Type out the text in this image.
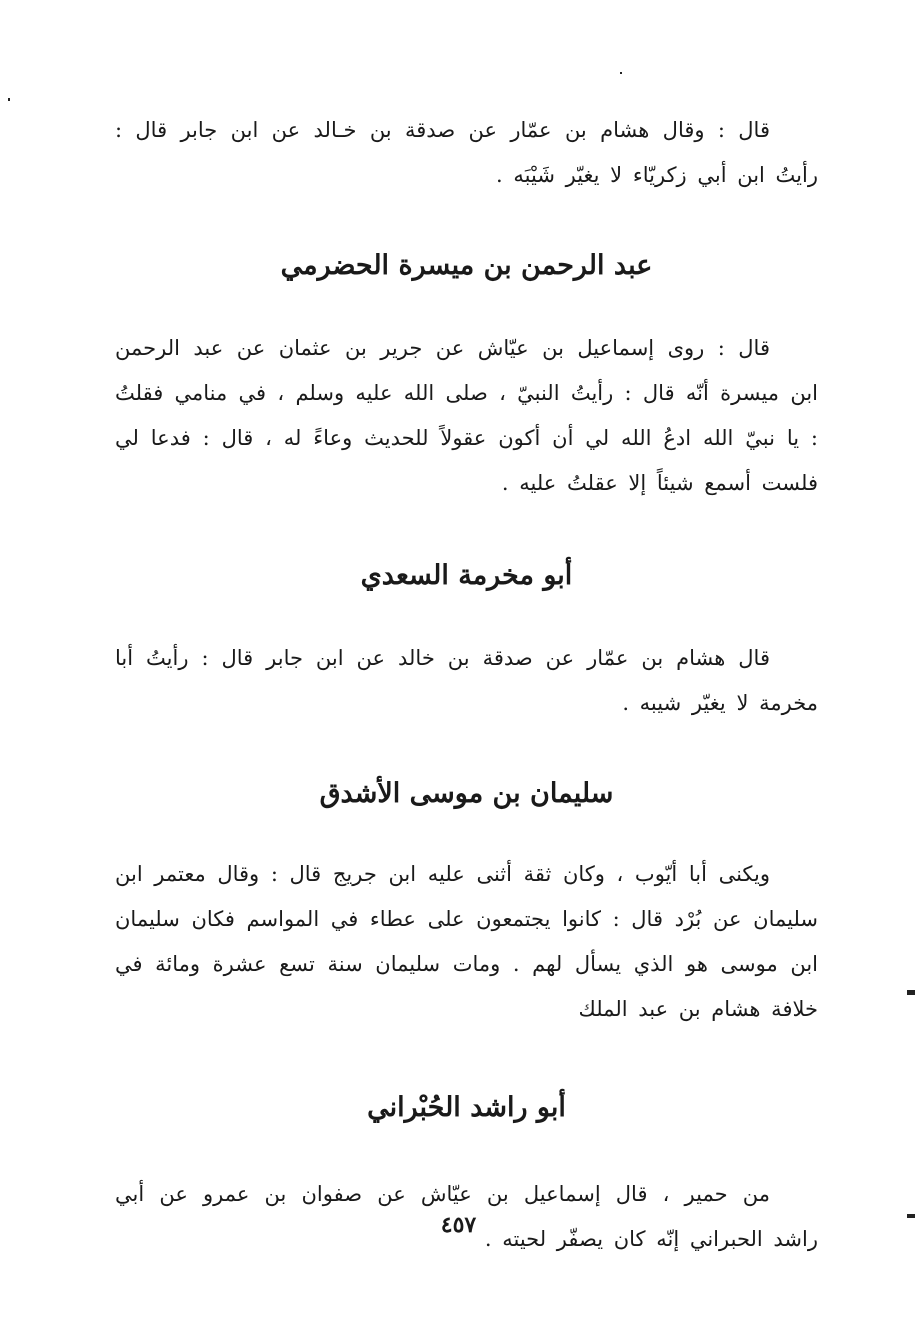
قال : وقال هشام بن عمّار عن صدقة بن خـالد عن ابن جابر قال : رأيتُ ابن أبي زكريّاء لا يغيّر شَيْبَه .

عبد الرحمن بن ميسرة الحضرمي

قال : روى إسماعيل بن عيّاش عن جرير بن عثمان عن عبد الرحمن ابن ميسرة أنّه قال : رأيتُ النبيّ ، صلى الله عليه وسلم ، في منامي فقلتُ : يا نبيّ الله ادعُ الله لي أن أكون عقولاً للحديث وعاءً له ، قال : فدعا لي فلست أسمع شيئاً إلا عقلتُ عليه .

أبو مخرمة السعدي

قال هشام بن عمّار عن صدقة بن خالد عن ابن جابر قال : رأيتُ أبا مخرمة لا يغيّر شيبه .

سليمان بن موسى الأشدق

ويكنى أبا أيّوب ، وكان ثقة أثنى عليه ابن جريج قال : وقال معتمر ابن سليمان عن بُرْد قال : كانوا يجتمعون على عطاء في المواسم فكان سليمان ابن موسى هو الذي يسأل لهم . ومات سليمان سنة تسع عشرة ومائة في خلافة هشام بن عبد الملك

أبو راشد الحُبْراني

من حمير ، قال إسماعيل بن عيّاش عن صفوان بن عمرو عن أبي راشد الحبراني إنّه كان يصفّر لحيته .

٤٥٧
